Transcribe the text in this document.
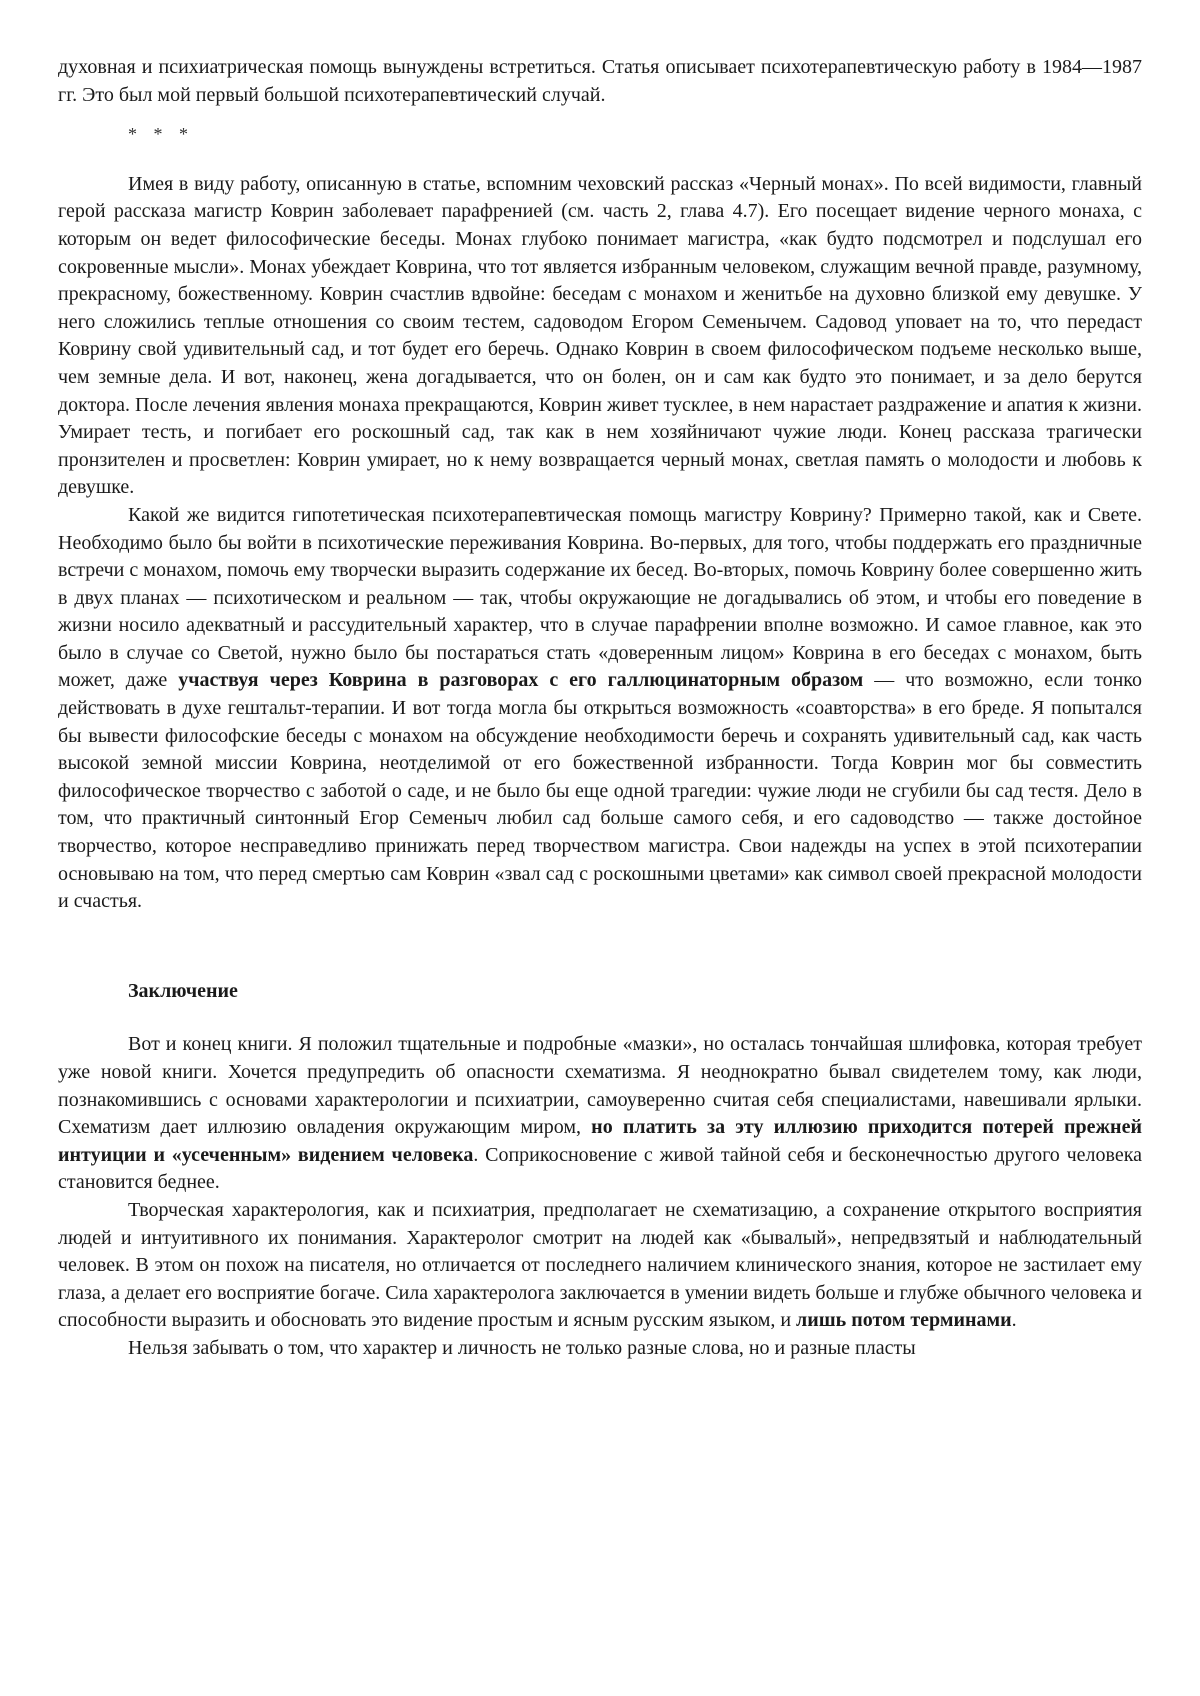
духовная и психиатрическая помощь вынуждены встретиться. Статья описывает психотерапевтическую работу в 1984—1987 гг. Это был мой первый большой психотерапевтический случай.

* * *

Имея в виду работу, описанную в статье, вспомним чеховский рассказ «Черный монах». По всей видимости, главный герой рассказа магистр Коврин заболевает парафренией (см. часть 2, глава 4.7). Его посещает видение черного монаха, с которым он ведет философические беседы. Монах глубоко понимает магистра, «как будто подсмотрел и подслушал его сокровенные мысли». Монах убеждает Коврина, что тот является избранным человеком, служащим вечной правде, разумному, прекрасному, божественному. Коврин счастлив вдвойне: беседам с монахом и женитьбе на духовно близкой ему девушке. У него сложились теплые отношения со своим тестем, садоводом Егором Семенычем. Садовод уповает на то, что передаст Коврину свой удивительный сад, и тот будет его беречь. Однако Коврин в своем философическом подъеме несколько выше, чем земные дела. И вот, наконец, жена догадывается, что он болен, он и сам как будто это понимает, и за дело берутся доктора. После лечения явления монаха прекращаются, Коврин живет тусклее, в нем нарастает раздражение и апатия к жизни. Умирает тесть, и погибает его роскошный сад, так как в нем хозяйничают чужие люди. Конец рассказа трагически пронзителен и просветлен: Коврин умирает, но к нему возвращается черный монах, светлая память о молодости и любовь к девушке.

Какой же видится гипотетическая психотерапевтическая помощь магистру Коврину? Примерно такой, как и Свете. Необходимо было бы войти в психотические переживания Коврина. Во-первых, для того, чтобы поддержать его праздничные встречи с монахом, помочь ему творчески выразить содержание их бесед. Во-вторых, помочь Коврину более совершенно жить в двух планах — психотическом и реальном — так, чтобы окружающие не догадывались об этом, и чтобы его поведение в жизни носило адекватный и рассудительный характер, что в случае парафрении вполне возможно. И самое главное, как это было в случае со Светой, нужно было бы постараться стать «доверенным лицом» Коврина в его беседах с монахом, быть может, даже участвуя через Коврина в разговорах с его галлюцинаторным образом — что возможно, если тонко действовать в духе гештальт-терапии. И вот тогда могла бы открыться возможность «соавторства» в его бреде. Я попытался бы вывести философские беседы с монахом на обсуждение необходимости беречь и сохранять удивительный сад, как часть высокой земной миссии Коврина, неотделимой от его божественной избранности. Тогда Коврин мог бы совместить философическое творчество с заботой о саде, и не было бы еще одной трагедии: чужие люди не сгубили бы сад тестя. Дело в том, что практичный синтонный Егор Семеныч любил сад больше самого себя, и его садоводство — также достойное творчество, которое несправедливо принижать перед творчеством магистра. Свои надежды на успех в этой психотерапии основываю на том, что перед смертью сам Коврин «звал сад с роскошными цветами» как символ своей прекрасной молодости и счастья.

Заключение

Вот и конец книги. Я положил тщательные и подробные «мазки», но осталась тончайшая шлифовка, которая требует уже новой книги. Хочется предупредить об опасности схематизма. Я неоднократно бывал свидетелем тому, как люди, познакомившись с основами характерологии и психиатрии, самоуверенно считая себя специалистами, навешивали ярлыки. Схематизм дает иллюзию овладения окружающим миром, но платить за эту иллюзию приходится потерей прежней интуиции и «усеченным» видением человека. Соприкосновение с живой тайной себя и бесконечностью другого человека становится беднее.

Творческая характерология, как и психиатрия, предполагает не схематизацию, а сохранение открытого восприятия людей и интуитивного их понимания. Характеролог смотрит на людей как «бывалый», непредвзятый и наблюдательный человек. В этом он похож на писателя, но отличается от последнего наличием клинического знания, которое не застилает ему глаза, а делает его восприятие богаче. Сила характеролога заключается в умении видеть больше и глубже обычного человека и способности выразить и обосновать это видение простым и ясным русским языком, и лишь потом терминами.

Нельзя забывать о том, что характер и личность не только разные слова, но и разные пласты
